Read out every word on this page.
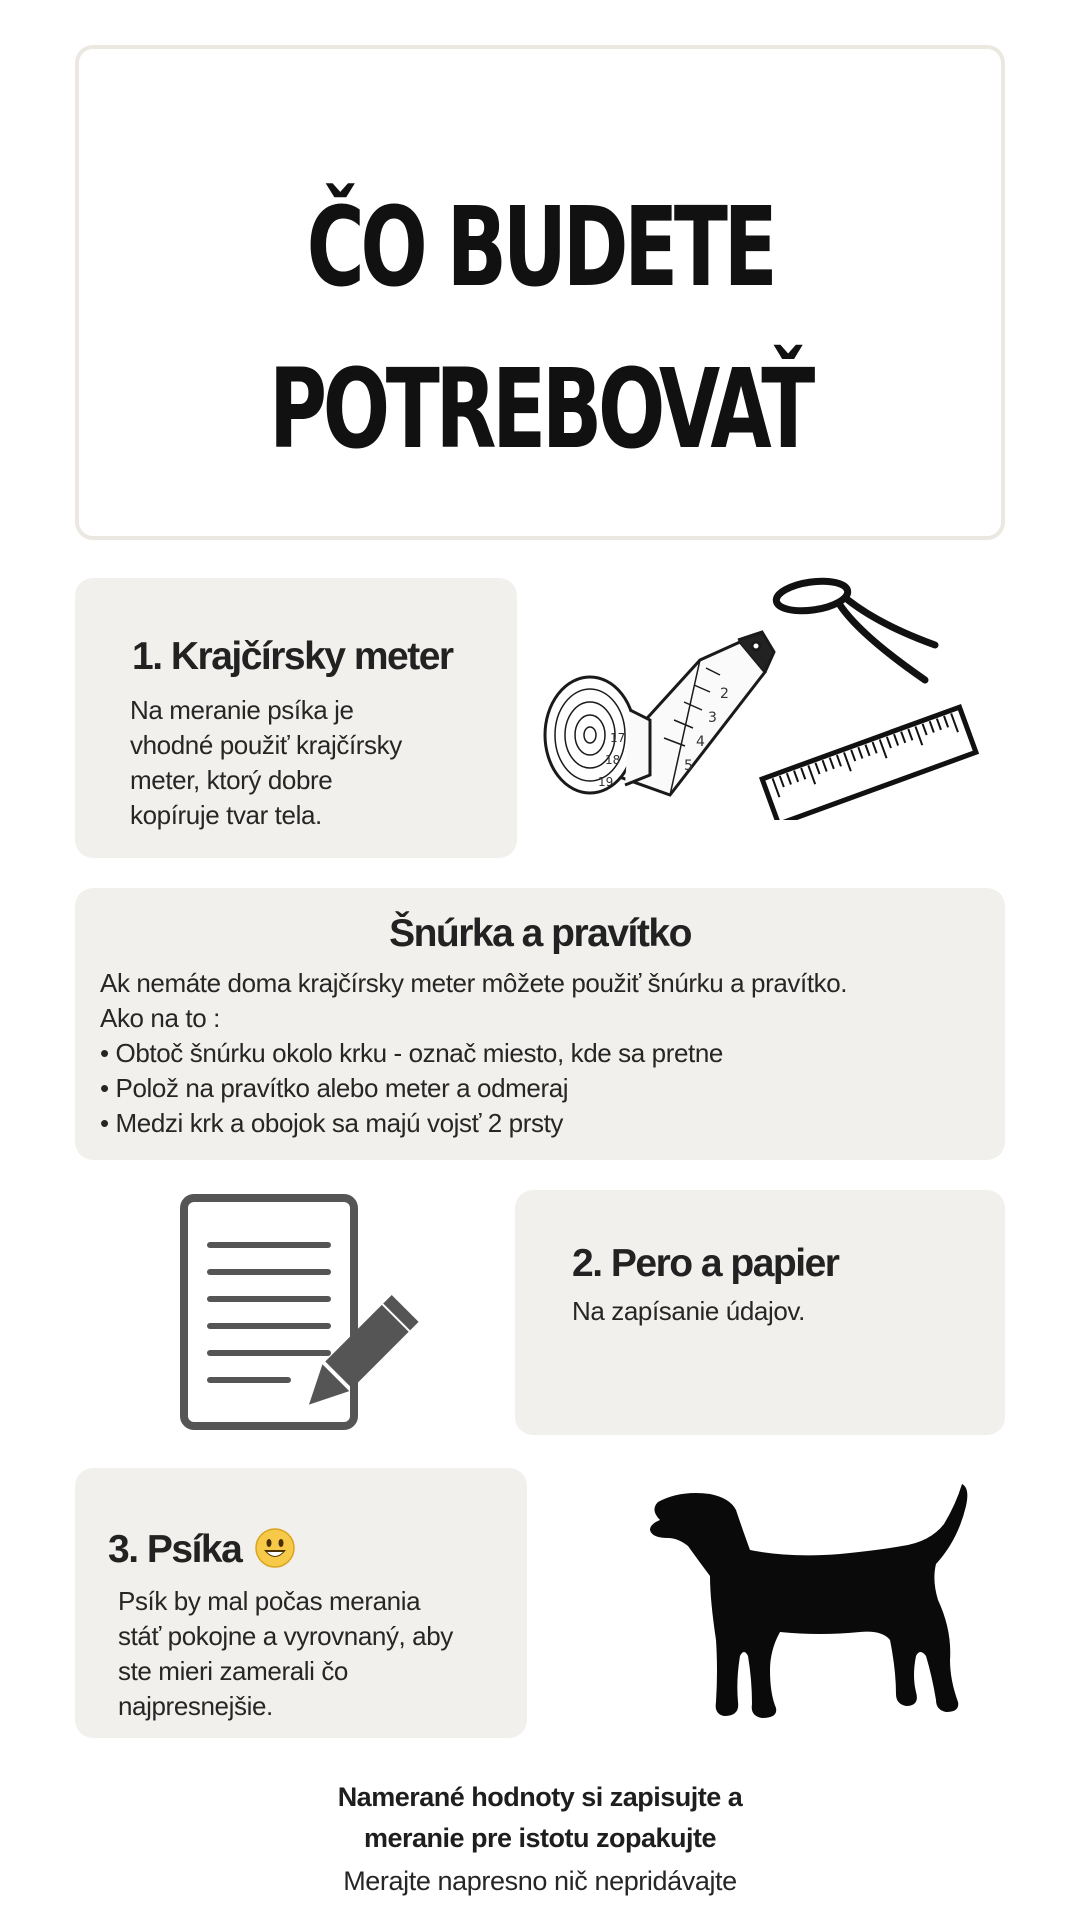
ČO BUDETE
POTREBOVAŤ
1. Krajčírsky meter
Na meranie psíka je
vhodné použiť krajčírsky
meter, ktorý dobre
kopíruje tvar tela.
2
3
4
5
17
18
19
Šnúrka a pravítko
Ak nemáte doma krajčírsky meter môžete použiť šnúrku a pravítko.
Ako na to :
• Obtoč šnúrku okolo krku - označ miesto, kde sa pretne
• Polož na pravítko alebo meter a odmeraj
• Medzi krk a obojok sa majú vojsť 2 prsty
2. Pero a papier
Na zapísanie údajov.
3. Psíka
Psík by mal počas merania
stáť pokojne a vyrovnaný, aby
ste mieri zamerali čo
najpresnejšie.
Namerané hodnoty si zapisujte a
meranie pre istotu zopakujte
Merajte napresno nič nepridávajte
